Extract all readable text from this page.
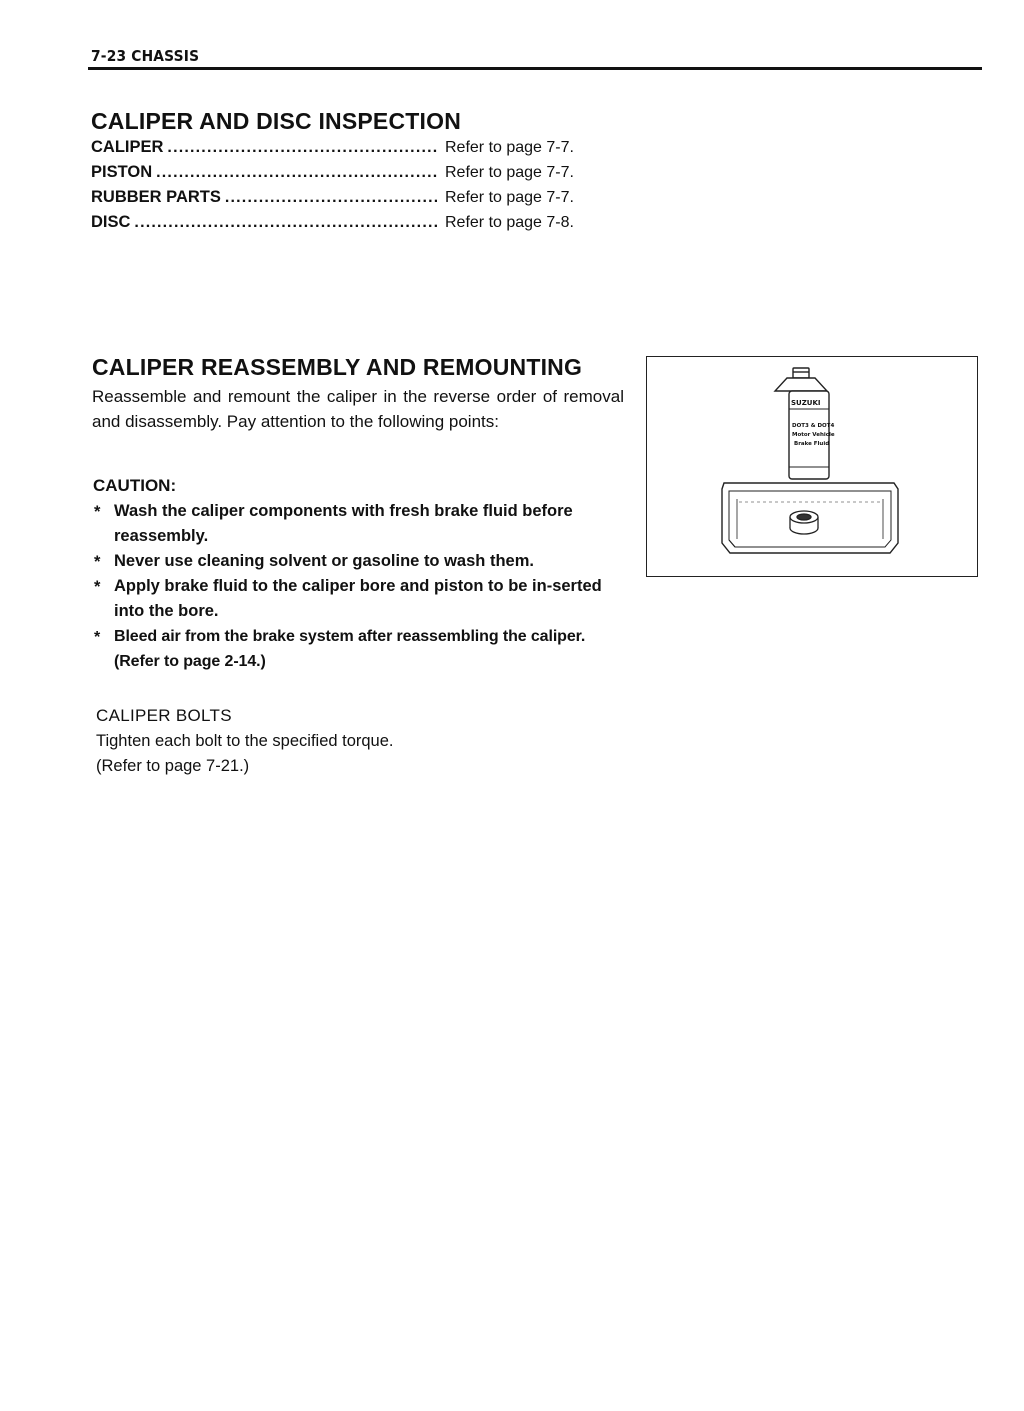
7-23 CHASSIS
CALIPER AND DISC INSPECTION
CALIPER .....	Refer to page 7-7.
PISTON .....	Refer to page 7-7.
RUBBER PARTS .....	Refer to page 7-7.
DISC .....	Refer to page 7-8.
CALIPER REASSEMBLY AND REMOUNTING
Reassemble and remount the caliper in the reverse order of removal and disassembly. Pay attention to the following points:
CAUTION:
* Wash the caliper components with fresh brake fluid before reassembly.
* Never use cleaning solvent or gasoline to wash them.
* Apply brake fluid to the caliper bore and piston to be in-serted into the bore.
* Bleed air from the brake system after reassembling the caliper. (Refer to page 2-14.)
CALIPER BOLTS
Tighten each bolt to the specified torque.
(Refer to page 7-21.)
SUZUKI
DOT3 & DOT4
Motor Vehicle
Brake Fluid
